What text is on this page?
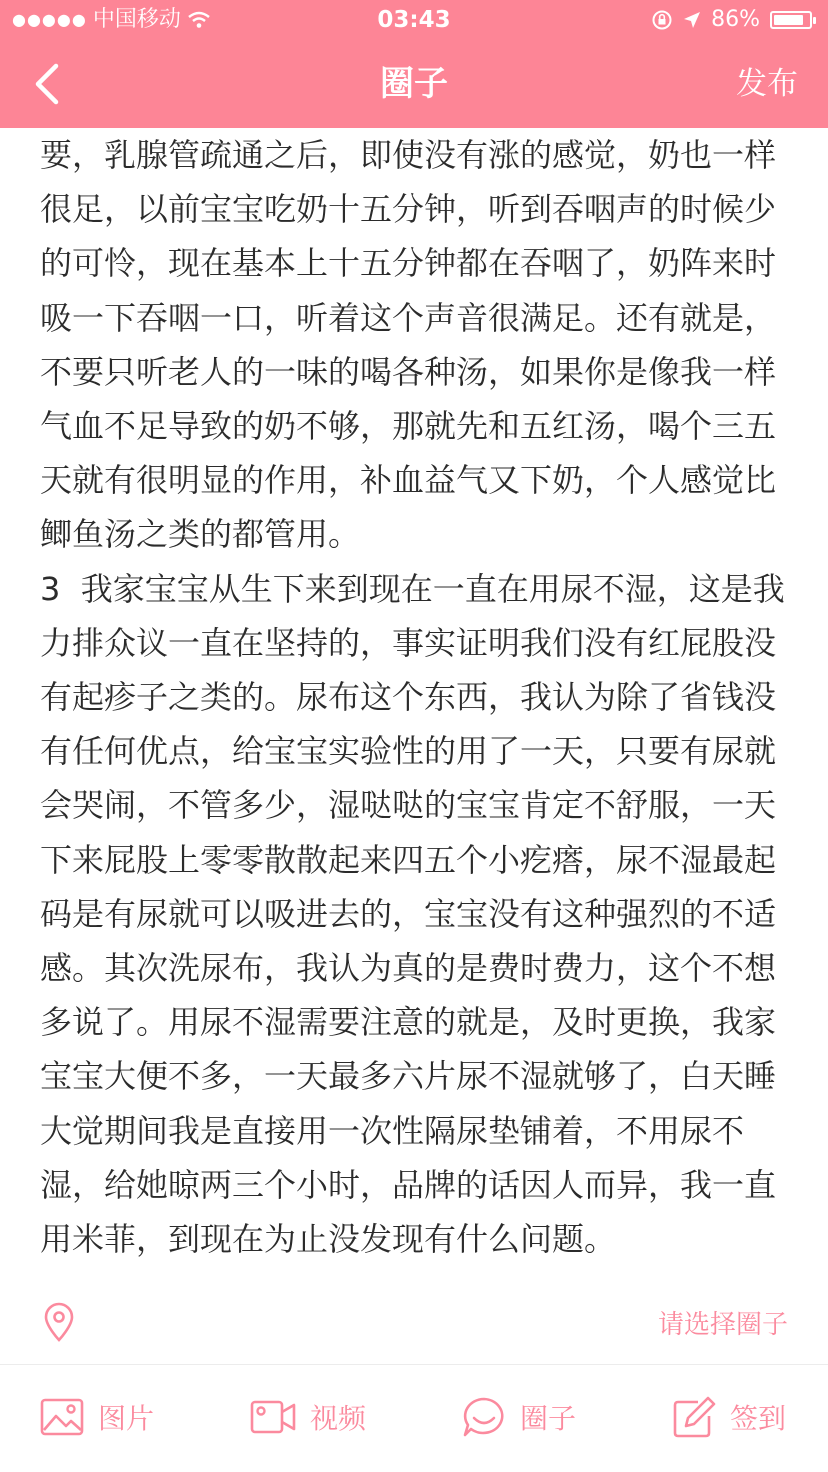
●●●●● 中国移动	03:43	86%
圈子	发布

要，乳腺管疏通之后，即使没有涨的感觉，奶也一样很足，以前宝宝吃奶十五分钟，听到吞咽声的时候少的可怜，现在基本上十五分钟都在吞咽了，奶阵来时吸一下吞咽一口，听着这个声音很满足。还有就是，不要只听老人的一味的喝各种汤，如果你是像我一样气血不足导致的奶不够，那就先和五红汤，喝个三五天就有很明显的作用，补血益气又下奶，个人感觉比鲫鱼汤之类的都管用。

3  我家宝宝从生下来到现在一直在用尿不湿，这是我力排众议一直在坚持的，事实证明我们没有红屁股没有起疹子之类的。尿布这个东西，我认为除了省钱没有任何优点，给宝宝实验性的用了一天，只要有尿就会哭闹，不管多少，湿哒哒的宝宝肯定不舒服，一天下来屁股上零零散散起来四五个小疙瘩，尿不湿最起码是有尿就可以吸进去的，宝宝没有这种强烈的不适感。其次洗尿布，我认为真的是费时费力，这个不想多说了。用尿不湿需要注意的就是，及时更换，我家宝宝大便不多，一天最多六片尿不湿就够了，白天睡大觉期间我是直接用一次性隔尿垫铺着，不用尿不湿，给她晾两三个小时，品牌的话因人而异，我一直用米菲，到现在为止没发现有什么问题。

请选择圈子
图片	视频	圈子	签到
